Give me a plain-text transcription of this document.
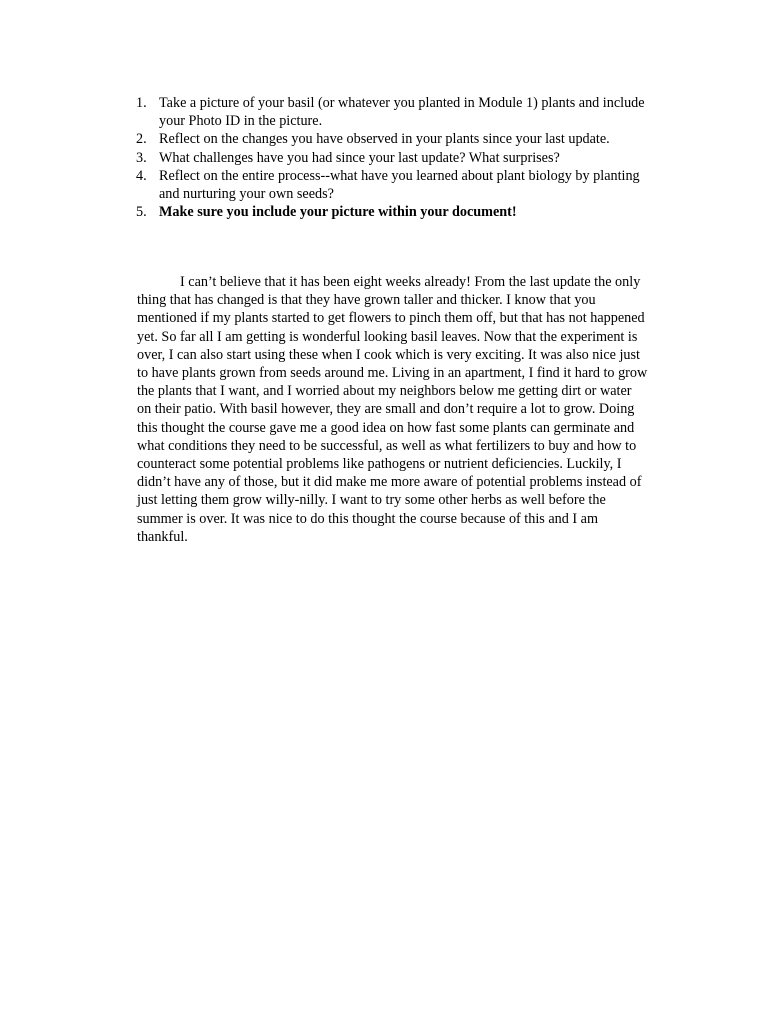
1. Take a picture of your basil (or whatever you planted in Module 1) plants and include
your Photo ID in the picture.
2. Reflect on the changes you have observed in your plants since your last update.
3. What challenges have you had since your last update? What surprises?
4. Reflect on the entire process--what have you learned about plant biology by planting
and nurturing your own seeds?
5. Make sure you include your picture within your document!
I can’t believe that it has been eight weeks already! From the last update the only
thing that has changed is that they have grown taller and thicker. I know that you
mentioned if my plants started to get flowers to pinch them off, but that has not happened
yet. So far all I am getting is wonderful looking basil leaves. Now that the experiment is
over, I can also start using these when I cook which is very exciting. It was also nice just
to have plants grown from seeds around me. Living in an apartment, I find it hard to grow
the plants that I want, and I worried about my neighbors below me getting dirt or water
on their patio. With basil however, they are small and don’t require a lot to grow. Doing
this thought the course gave me a good idea on how fast some plants can germinate and
what conditions they need to be successful, as well as what fertilizers to buy and how to
counteract some potential problems like pathogens or nutrient deficiencies. Luckily, I
didn’t have any of those, but it did make me more aware of potential problems instead of
just letting them grow willy-nilly. I want to try some other herbs as well before the
summer is over. It was nice to do this thought the course because of this and I am
thankful.
